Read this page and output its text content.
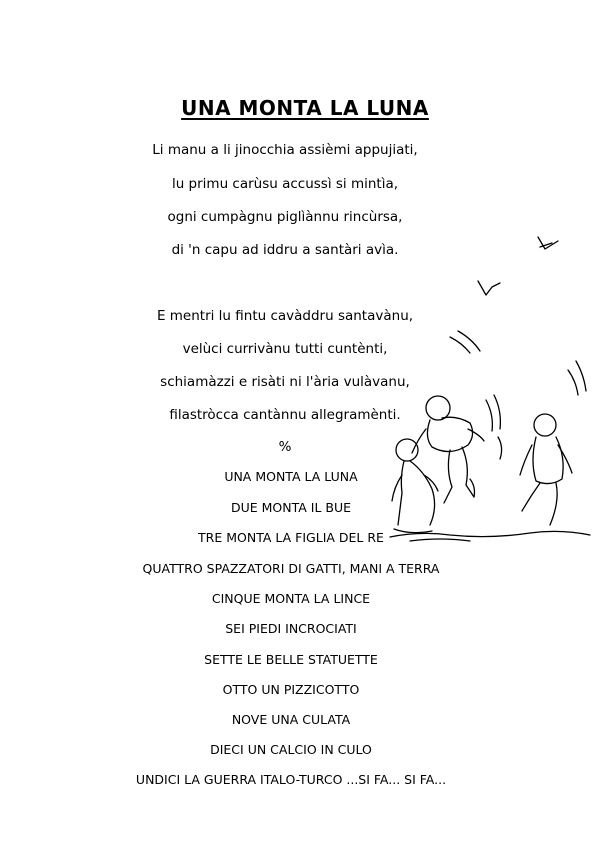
UNA MONTA LA LUNA
Li manu a li jinocchia assièmi appujiati,
lu primu carùsu accussì si mintìa,
ogni cumpàgnu piglìànnu rincùrsa,
di 'n capu ad iddru a santàri avìa.
E mentri lu fintu cavàddru santavànu,
velùci currivànu tutti cuntènti,
schiamàzzi e risàti ni l'ària vulàvanu,
filastròcca cantànnu allegramènti.
%
UNA MONTA LA LUNA
DUE MONTA IL BUE
TRE MONTA LA FIGLIA DEL RE
QUATTRO SPAZZATORI DI GATTI, MANI A TERRA
CINQUE MONTA LA LINCE
SEI PIEDI INCROCIATI
SETTE LE BELLE STATUETTE
OTTO UN PIZZICOTTO
NOVE UNA CULATA
DIECI UN CALCIO IN CULO
UNDICI LA GUERRA ITALO-TURCO ...SI FA... SI FA...
